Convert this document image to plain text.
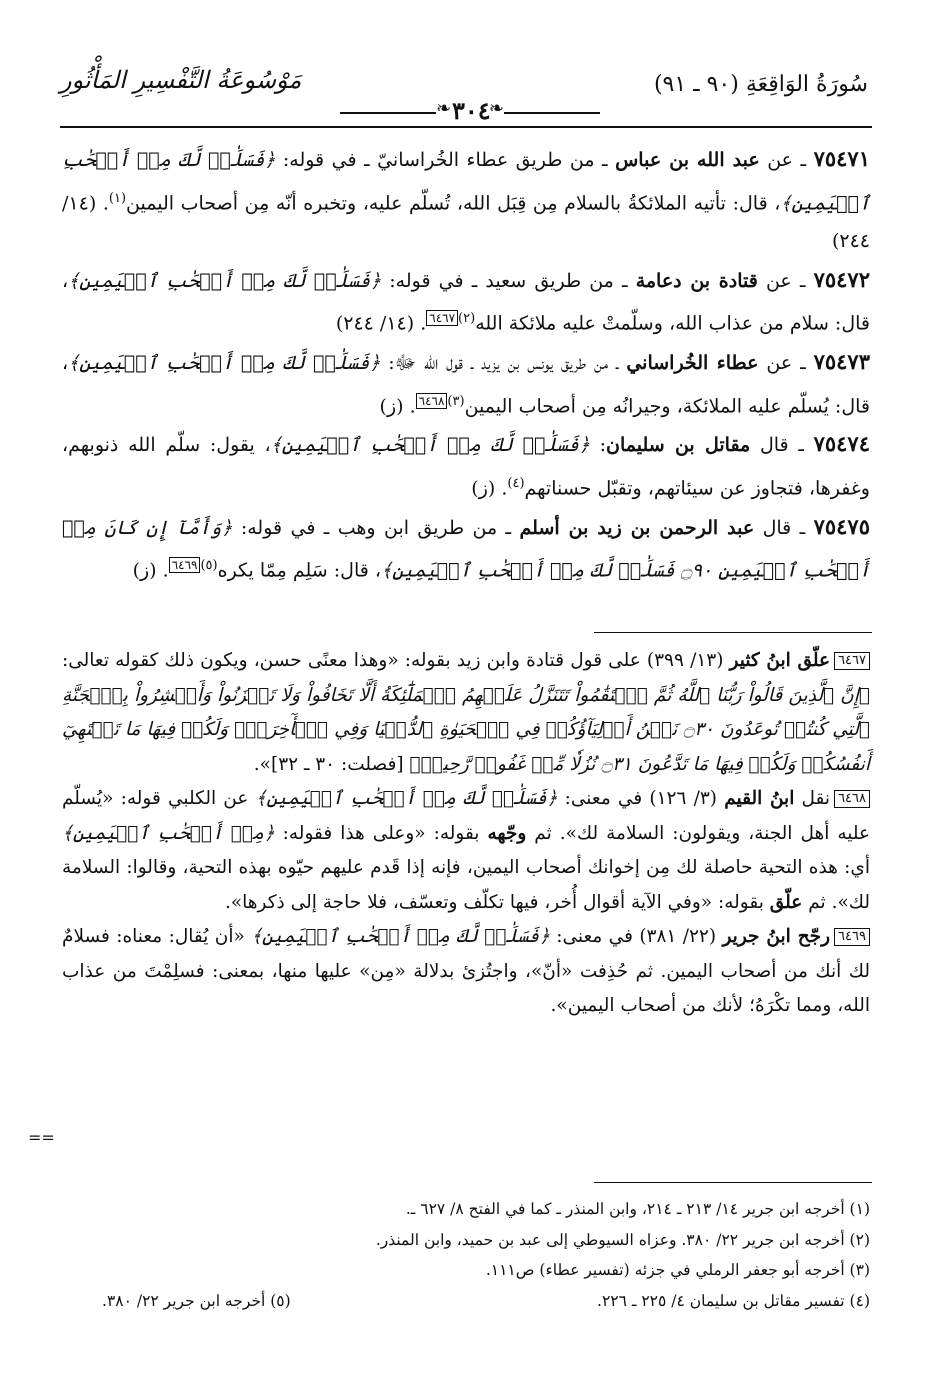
سُورَةُ الوَاقِعَةِ (٩٠ ـ ٩١)
مَوْسُوعَةُ التَّفْسِيرِ المَأْثُورِ
❧ ٣٠٤
❧

٧٥٤٧١ ـ عن عبد الله بن عباس ـ من طريق عطاء الخُراسانيّ ـ في قوله: ﴿فَسَلَٰمٞ لَّكَ مِنۡ أَصۡحَٰبِ ٱلۡيَمِينِ﴾، قال: تأتيه الملائكةُ بالسلام مِن قِبَل الله، تُسلّم عليه، وتخبره أنّه مِن أصحاب اليمين$^{(١)}$. (١٤/ ٢٤٤)

٧٥٤٧٢ ـ عن قتادة بن دعامة ـ من طريق سعيد ـ في قوله: ﴿فَسَلَٰمٞ لَّكَ مِنۡ أَصۡحَٰبِ ٱلۡيَمِينِ﴾، قال: سلام من عذاب الله، وسلّمتْ عليه ملائكة الله$^{(٢)}$٦٤٦٧. (١٤/ ٢٤٤)

٧٥٤٧٣ ـ عن عطاء الخُراساني ـ من طريق يونس بن يزيد ـ قول الله ﷻ: ﴿فَسَلَٰمٞ لَّكَ مِنۡ أَصۡحَٰبِ ٱلۡيَمِينِ﴾، قال: يُسلّم عليه الملائكة، وجيرانُه مِن أصحاب اليمين$^{(٣)}$٦٤٦٨. (ز)

٧٥٤٧٤ ـ قال مقاتل بن سليمان: ﴿فَسَلَٰمٞ لَّكَ مِنۡ أَصۡحَٰبِ ٱلۡيَمِينِ﴾، يقول: سلّم الله ذنوبهم، وغفرها، فتجاوز عن سيئاتهم، وتقبّل حسناتهم$^{(٤)}$. (ز)

٧٥٤٧٥ ـ قال عبد الرحمن بن زيد بن أسلم ـ من طريق ابن وهب ـ في قوله: ﴿وَأَمَّآ إِن كَانَ مِنۡ أَصۡحَٰبِ ٱلۡيَمِينِ ۝٩٠ فَسَلَٰمٞ لَّكَ مِنۡ أَصۡحَٰبِ ٱلۡيَمِينِ﴾، قال: سَلِم مِمّا يكره$^{(٥)}$٦٤٦٩. (ز)

٦٤٦٧علّق ابنُ كثير (١٣/ ٣٩٩) على قول قتادة وابن زيد بقوله: «وهذا معنًى حسن، ويكون ذلك كقوله تعالى: ﴿إِنَّ ٱلَّذِينَ قَالُواْ رَبُّنَا ٱللَّهُ ثُمَّ ٱسۡتَقَٰمُواْ تَتَنَزَّلُ عَلَيۡهِمُ ٱلۡمَلَٰٓئِكَةُ أَلَّا تَخَافُواْ وَلَا تَحۡزَنُواْ وَأَبۡشِرُواْ بِٱلۡجَنَّةِ ٱلَّتِي كُنتُمۡ تُوعَدُونَ ۝٣٠ نَحۡنُ أَوۡلِيَآؤُكُمۡ فِي ٱلۡحَيَوٰةِ ٱلدُّنۡيَا وَفِي ٱلۡأٓخِرَةِۖ وَلَكُمۡ فِيهَا مَا تَشۡتَهِيٓ أَنفُسُكُمۡ وَلَكُمۡ فِيهَا مَا تَدَّعُونَ ۝٣١ نُزُلٗا مِّنۡ غَفُورٖ رَّحِيمٖ﴾ [فصلت: ٣٠ ـ ٣٢]».

٦٤٦٨نقل ابنُ القيم (٣/ ١٢٦) في معنى: ﴿فَسَلَٰمٞ لَّكَ مِنۡ أَصۡحَٰبِ ٱلۡيَمِينِ﴾ عن الكلبي قوله: «يُسلّم عليه أهل الجنة، ويقولون: السلامة لك». ثم وجّهه بقوله: «وعلى هذا فقوله: ﴿مِنۡ أَصۡحَٰبِ ٱلۡيَمِينِ﴾ أي: هذه التحية حاصلة لك مِن إخوانك أصحاب اليمين، فإنه إذا قَدم عليهم حيّوه بهذه التحية، وقالوا: السلامة لك». ثم علّق بقوله: «وفي الآية أقوال أُخر، فيها تكلّف وتعسّف، فلا حاجة إلى ذكرها».

٦٤٦٩رجّح ابنُ جرير (٢٢/ ٣٨١) في معنى: ﴿فَسَلَٰمٞ لَّكَ مِنۡ أَصۡحَٰبِ ٱلۡيَمِينِ﴾ «أن يُقال: معناه: فسلامٌ لك أنك من أصحاب اليمين. ثم حُذِفت «أنّ»، واجتُزئ بدلالة «مِن» عليها منها، بمعنى: فسلِمْتَ من عذاب الله، ومما تكْرَهُ؛ لأنك من أصحاب اليمين».

==

(١) أخرجه ابن جرير ١٤/ ٢١٣ ـ ٢١٤، وابن المنذر ـ كما في الفتح ٨/ ٦٢٧ ـ.

(٢) أخرجه ابن جرير ٢٢/ ٣٨٠. وعزاه السيوطي إلى عبد بن حميد، وابن المنذر.

(٣) أخرجه أبو جعفر الرملي في جزئه (تفسير عطاء) ص١١١.

(٤) تفسير مقاتل بن سليمان ٤/ ٢٢٥ ـ ٢٢٦.
(٥) أخرجه ابن جرير ٢٢/ ٣٨٠.
